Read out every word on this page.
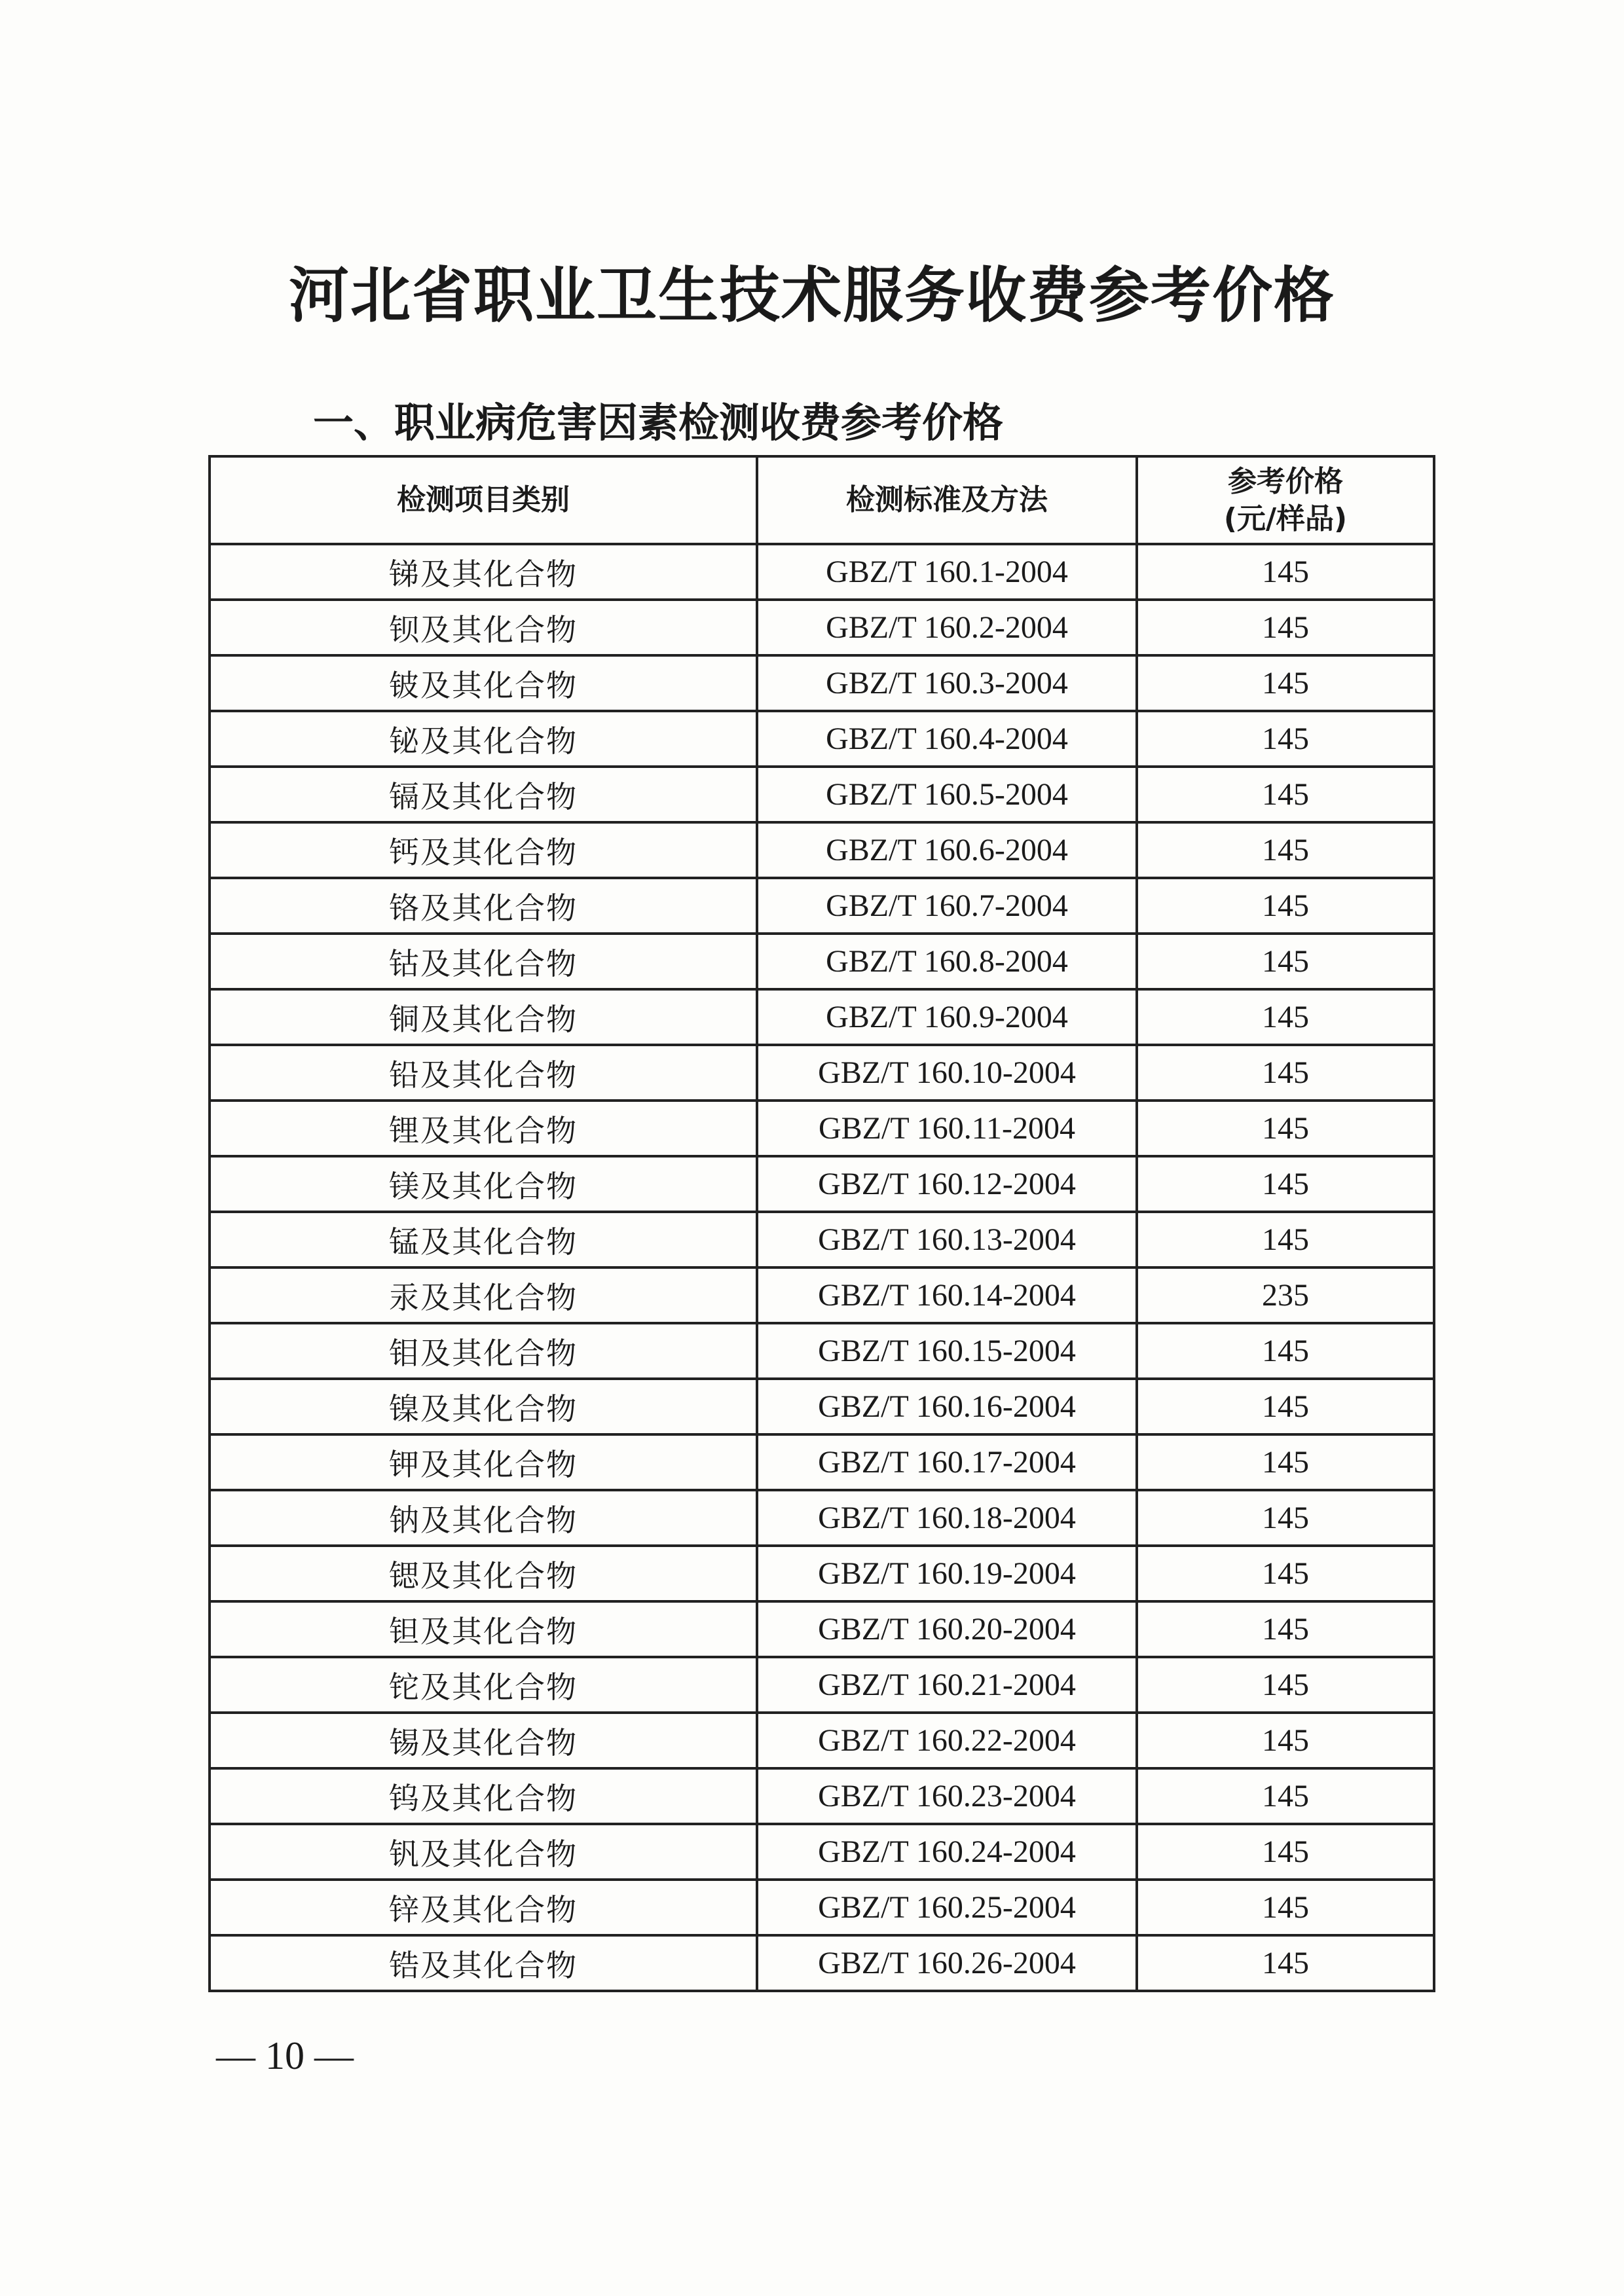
河北省职业卫生技术服务收费参考价格
一、职业病危害因素检测收费参考价格
检测项目类别	检测标准及方法	参考价格
(元/样品)

锑及其化合物	GBZ/T 160.1-2004	145
钡及其化合物	GBZ/T 160.2-2004	145
铍及其化合物	GBZ/T 160.3-2004	145
铋及其化合物	GBZ/T 160.4-2004	145
镉及其化合物	GBZ/T 160.5-2004	145
钙及其化合物	GBZ/T 160.6-2004	145
铬及其化合物	GBZ/T 160.7-2004	145
钴及其化合物	GBZ/T 160.8-2004	145
铜及其化合物	GBZ/T 160.9-2004	145
铅及其化合物	GBZ/T 160.10-2004	145
锂及其化合物	GBZ/T 160.11-2004	145
镁及其化合物	GBZ/T 160.12-2004	145
锰及其化合物	GBZ/T 160.13-2004	145
汞及其化合物	GBZ/T 160.14-2004	235
钼及其化合物	GBZ/T 160.15-2004	145
镍及其化合物	GBZ/T 160.16-2004	145
钾及其化合物	GBZ/T 160.17-2004	145
钠及其化合物	GBZ/T 160.18-2004	145
锶及其化合物	GBZ/T 160.19-2004	145
钽及其化合物	GBZ/T 160.20-2004	145
铊及其化合物	GBZ/T 160.21-2004	145
锡及其化合物	GBZ/T 160.22-2004	145
钨及其化合物	GBZ/T 160.23-2004	145
钒及其化合物	GBZ/T 160.24-2004	145
锌及其化合物	GBZ/T 160.25-2004	145
锆及其化合物	GBZ/T 160.26-2004	145
— 10 —
